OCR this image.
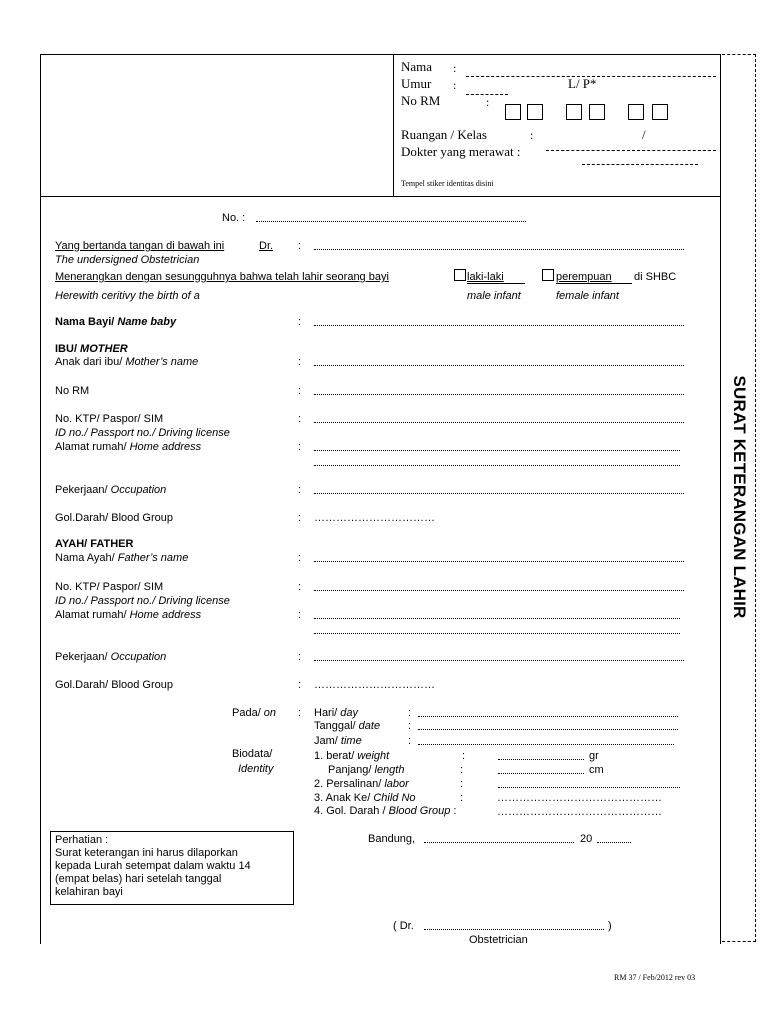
SURAT KETERANGAN LAHIR
Nama :
Umur :	L/ P*
No RM	:
Ruangan / Kelas	:	/
Dokter yang merawat :
Tempel stiker identitas disini
No. :
Yang bertanda tangan di bawah ini	Dr. :
The undersigned Obstetrician
Menerangkan dengan sesungguhnya bahwa telah lahir seorang bayi	laki-laki	perempuan di SHBC
Herewith ceritivy the birth of a	male infant	female infant
Nama Bayi/ Name baby	:
IBU/ MOTHER
Anak dari ibu/ Mother’s name	:
No RM	:
No. KTP/ Paspor/ SIM	:
ID no./ Passport no./ Driving license
Alamat rumah/ Home address	:
Pekerjaan/ Occupation	:
Gol.Darah/ Blood Group	: ……………………………
AYAH/ FATHER
Nama Ayah/ Father’s name	:
No. KTP/ Paspor/ SIM	:
ID no./ Passport no./ Driving license
Alamat rumah/ Home address	:
Pekerjaan/ Occupation	:
Gol.Darah/ Blood Group	: ……………………………
Pada/ on : Hari/ day	:
Tanggal/ date	:
Jam/ time	:
Biodata/
Identity
1. berat/ weight	:	gr
Panjang/ length	:	cm
2. Persalinan/ labor	:
3. Anak Ke/ Child No	:	………………………………………
4. Gol. Darah / Blood Group :	………………………………………
Perhatian :
Surat keterangan ini harus dilaporkan
kepada Lurah setempat dalam waktu 14
(empat belas) hari setelah tanggal
kelahiran bayi
Bandung,	20
( Dr.	)
Obstetrician
RM 37 / Feb/2012 rev 03
